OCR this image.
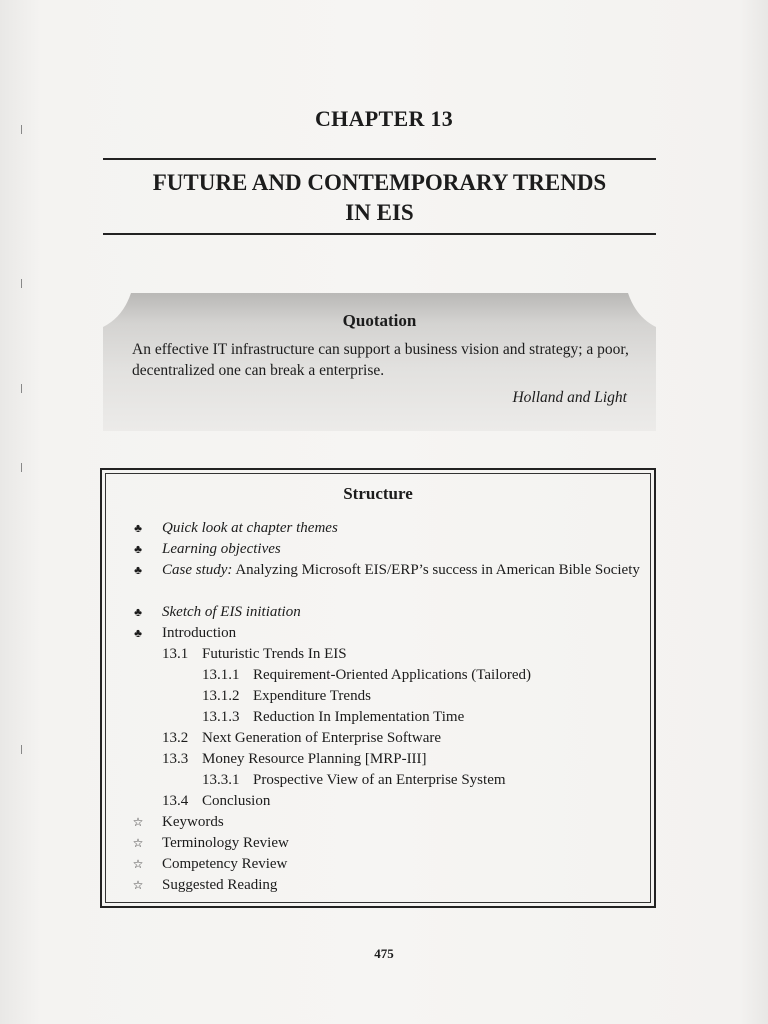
CHAPTER 13
FUTURE AND CONTEMPORARY TRENDS
IN EIS
Quotation

An effective IT infrastructure can support a business vision and strategy; a poor, decentralized one can break a enterprise.

Holland and Light

Structure
♣ Quick look at chapter themes
♣ Learning objectives
♣ Case study: Analyzing Microsoft EIS/ERP’s success in American Bible Society
♣ Sketch of EIS initiation
♣ Introduction
13.1 Futuristic Trends In EIS
13.1.1 Requirement-Oriented Applications (Tailored)
13.1.2 Expenditure Trends
13.1.3 Reduction In Implementation Time
13.2 Next Generation of Enterprise Software
13.3 Money Resource Planning [MRP-III]
13.3.1 Prospective View of an Enterprise System
13.4 Conclusion
☆ Keywords
☆ Terminology Review
☆ Competency Review
☆ Suggested Reading

475
